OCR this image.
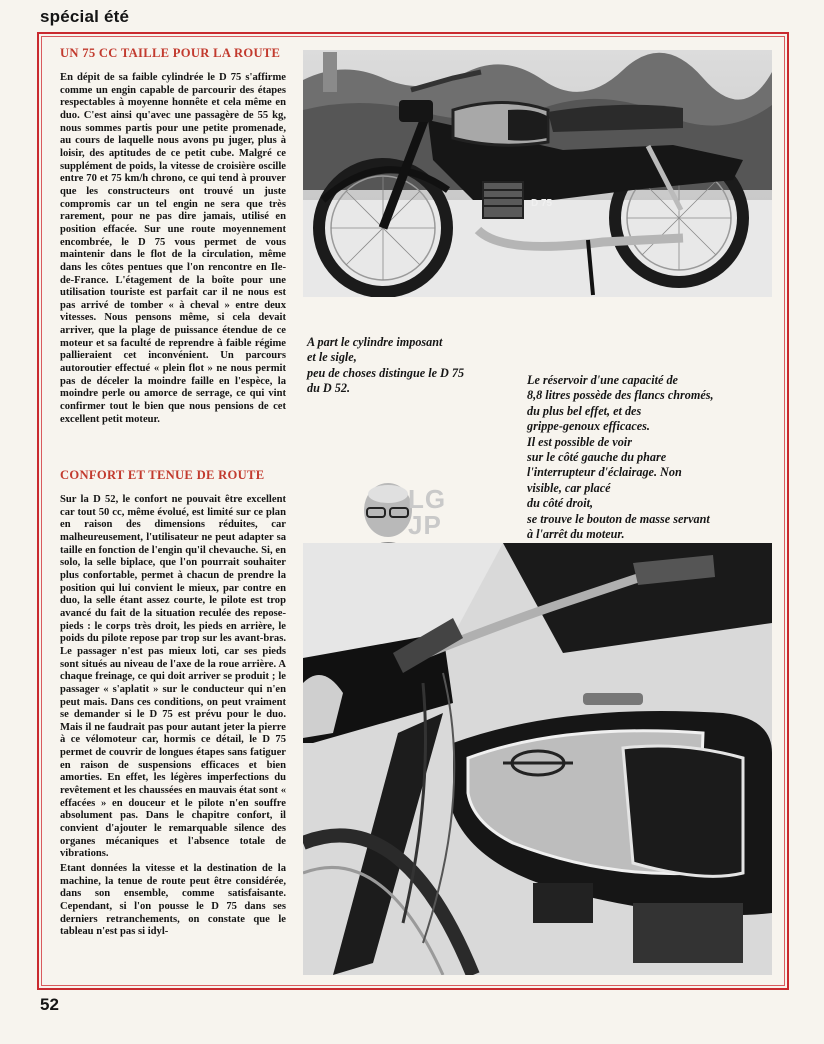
spécial été
UN 75 CC TAILLE POUR LA ROUTE

En dépit de sa faible cylindrée le D 75 s'affirme comme un engin capable de parcourir des étapes respectables à moyenne honnête et cela même en duo. C'est ainsi qu'avec une passagère de 55 kg, nous sommes partis pour une petite promenade, au cours de laquelle nous avons pu juger, plus à loisir, des aptitudes de ce petit cube. Malgré ce supplément de poids, la vitesse de croisière oscille entre 70 et 75 km/h chrono, ce qui tend à prouver que les constructeurs ont trouvé un juste compromis car un tel engin ne sera que très rarement, pour ne pas dire jamais, utilisé en position effacée. Sur une route moyennement encombrée, le D 75 vous permet de vous maintenir dans le flot de la circulation, même dans les côtes pentues que l'on rencontre en Ile-de-France. L'étagement de la boîte pour une utilisation touriste est parfait car il ne nous est pas arrivé de tomber « à cheval » entre deux vitesses. Nous pensons même, si cela devait arriver, que la plage de puissance étendue de ce moteur et sa faculté de reprendre à faible régime pallieraient cet inconvénient. Un parcours autoroutier effectué « plein flot » ne nous permit pas de déceler la moindre faille en l'espèce, la moindre perle ou amorce de serrage, ce qui vint confirmer tout le bien que nous pensions de cet excellent petit moteur.

CONFORT ET TENUE DE ROUTE

Sur la D 52, le confort ne pouvait être excellent car tout 50 cc, même évolué, est limité sur ce plan en raison des dimensions réduites, car malheureusement, l'utilisateur ne peut adapter sa taille en fonction de l'engin qu'il chevauche. Si, en solo, la selle biplace, que l'on pourrait souhaiter plus confortable, permet à chacun de prendre la position qui lui convient le mieux, par contre en duo, la selle étant assez courte, le pilote est trop avancé du fait de la situation reculée des repose-pieds : le corps très droit, les pieds en arrière, le poids du pilote repose par trop sur les avant-bras. Le passager n'est pas mieux loti, car ses pieds sont situés au niveau de l'axe de la roue arrière. A chaque freinage, ce qui doit arriver se produit ; le passager « s'aplatit » sur le conducteur qui n'en peut mais. Dans ces conditions, on peut vraiment se demander si le D 75 est prévu pour le duo. Mais il ne faudrait pas pour autant jeter la pierre à ce vélomoteur car, hormis ce détail, le D 75 permet de couvrir de longues étapes sans fatiguer en raison de suspensions efficaces et bien amorties. En effet, les légères imperfections du revêtement et les chaussées en mauvais état sont « effacées » en douceur et le pilote n'en souffre absolument pas. Dans le chapitre confort, il convient d'ajouter le remarquable silence des organes mécaniques et l'absence totale de vibrations.

Etant données la vitesse et la destination de la machine, la tenue de route peut être considérée, dans son ensemble, comme satisfaisante. Cependant, si l'on pousse le D 75 dans ses derniers retranchements, on constate que le tableau n'est pas si idyl-

D 75
A part le cylindre imposant
et le sigle,
peu de choses distingue le D 75
du D 52.
Le réservoir d'une capacité de
8,8 litres possède des flancs chromés,
du plus bel effet, et des
grippe-genoux efficaces.
Il est possible de voir
sur le côté gauche du phare
l'interrupteur d'éclairage. Non
visible, car placé
du côté droit,
se trouve le bouton de masse servant
à l'arrêt du moteur.
LG JP
52
